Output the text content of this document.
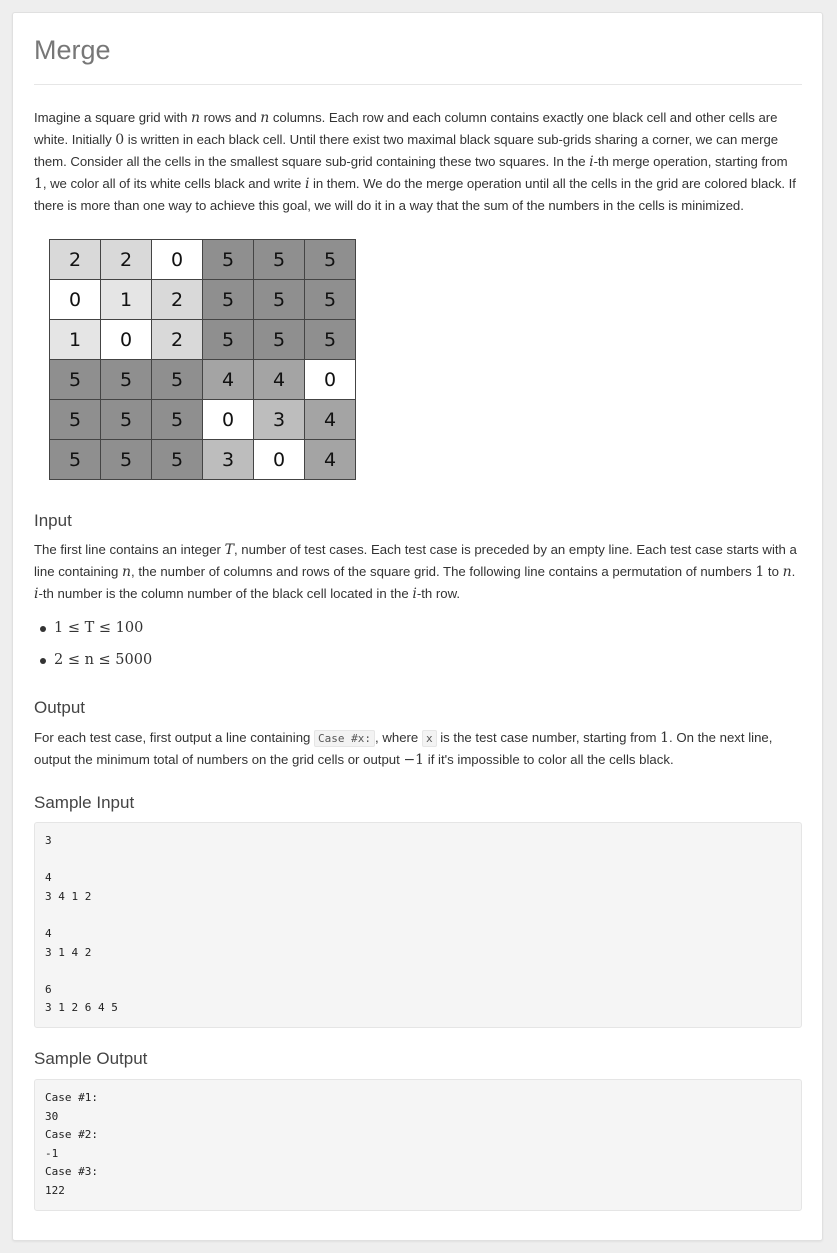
Merge

Imagine a square grid with n rows and n columns. Each row and each column contains exactly one black cell and other cells are white. Initially 0 is written in each black cell. Until there exist two maximal black square sub-grids sharing a corner, we can merge them. Consider all the cells in the smallest square sub-grid containing these two squares. In the i-th merge operation, starting from 1, we color all of its white cells black and write i in them. We do the merge operation until all the cells in the grid are colored black. If there is more than one way to achieve this goal, we will do it in a way that the sum of the numbers in the cells is minimized.

2	2	0	5	5	5
0	1	2	5	5	5
1	0	2	5	5	5
5	5	5	4	4	0
5	5	5	0	3	4
5	5	5	3	0	4
Input

The first line contains an integer T, number of test cases. Each test case is preceded by an empty line. Each test case starts with a line containing n, the number of columns and rows of the square grid. The following line contains a permutation of numbers 1 to n. i-th number is the column number of the black cell located in the i-th row.

1 ≤ T ≤ 100
2 ≤ n ≤ 5000
Output

For each test case, first output a line containing Case #x: , where x is the test case number, starting from 1. On the next line, output the minimum total of numbers on the grid cells or output −1 if it's impossible to color all the cells black.

Sample Input
3

4
3 4 1 2

4
3 1 4 2

6
3 1 2 6 4 5
Sample Output
Case #1:
30
Case #2:
-1
Case #3:
122
